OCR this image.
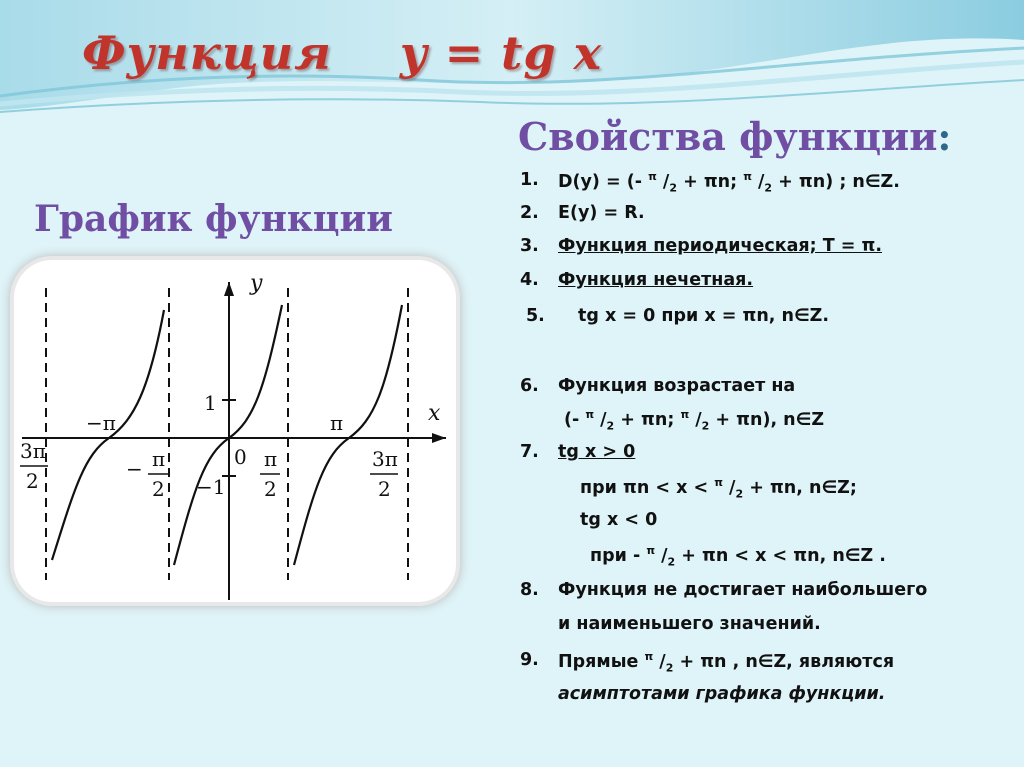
Функция    y = tg x
График функции
Свойства функции:
y
x
−π	π
1
−1
0
3π
2	− π
2
π
2
3π
2
1. D(y) = (- $^\pi$ $/_2 + \pi n$; $^\pi$ $/_2 + \pi n$) ; n∈Z.
2. E(y) = R.
3. Функция периодическая; T = π.
4. Функция нечетная.
5. tg x = 0 при x = πn, n∈Z.
6. Функция возрастает на
(- $^\pi$ $/_2 + \pi n$; $^\pi$ $/_2 + \pi n$), n∈Z
7. tg x > 0
при πn < x < $^\pi$ $/_2 + \pi n$, n∈Z;
tg x < 0
при - $^\pi$ $/_2 + \pi n < x < \pi n$, n∈Z .
8. Функция не достигает наибольшего
и наименьшего значений.
9. Прямые $^\pi$ $/_2 + \pi n$ , n∈Z, являются
асимптотами графика функции.
